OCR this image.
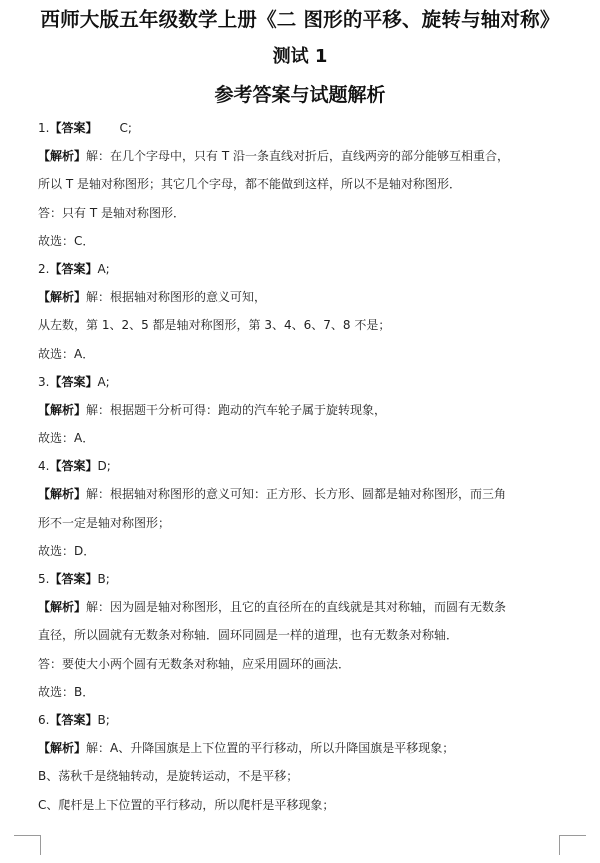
西师大版五年级数学上册《二 图形的平移、旋转与轴对称》
测试 1
参考答案与试题解析
1.【答案】 C;
【解析】解：在几个字母中，只有 T 沿一条直线对折后，直线两旁的部分能够互相重合，
所以 T 是轴对称图形；其它几个字母，都不能做到这样，所以不是轴对称图形．
答：只有 T 是轴对称图形．
故选：C．
2.【答案】A;
【解析】解：根据轴对称图形的意义可知，
从左数，第 1、2、5 都是轴对称图形，第 3、4、6、7、8 不是；
故选：A．
3.【答案】A;
【解析】解：根据题干分析可得：跑动的汽车轮子属于旋转现象，
故选：A．
4.【答案】D;
【解析】解：根据轴对称图形的意义可知：正方形、长方形、圆都是轴对称图形，而三角
形不一定是轴对称图形；
故选：D．
5.【答案】B;
【解析】解：因为圆是轴对称图形，且它的直径所在的直线就是其对称轴，而圆有无数条
直径，所以圆就有无数条对称轴．圆环同圆是一样的道理，也有无数条对称轴．
答：要使大小两个圆有无数条对称轴，应采用圆环的画法．
故选：B．
6.【答案】B;
【解析】解：A、升降国旗是上下位置的平行移动，所以升降国旗是平移现象；
B、荡秋千是绕轴转动，是旋转运动，不是平移；
C、爬杆是上下位置的平行移动，所以爬杆是平移现象；
